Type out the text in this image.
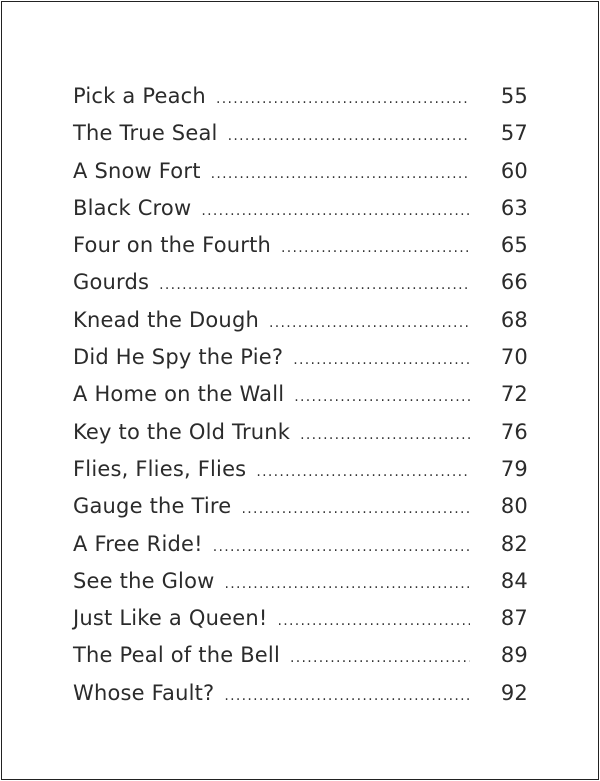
Pick a Peach .....	55
The True Seal .....	57
A Snow Fort .....	60
Black Crow .....	63
Four on the Fourth .....	65
Gourds .....	66
Knead the Dough .....	68
Did He Spy the Pie? .....	70
A Home on the Wall .....	72
Key to the Old Trunk .....	76
Flies, Flies, Flies .....	79
Gauge the Tire .....	80
A Free Ride! .....	82
See the Glow .....	84
Just Like a Queen! .....	87
The Peal of the Bell .....	89
Whose Fault? .....	92
